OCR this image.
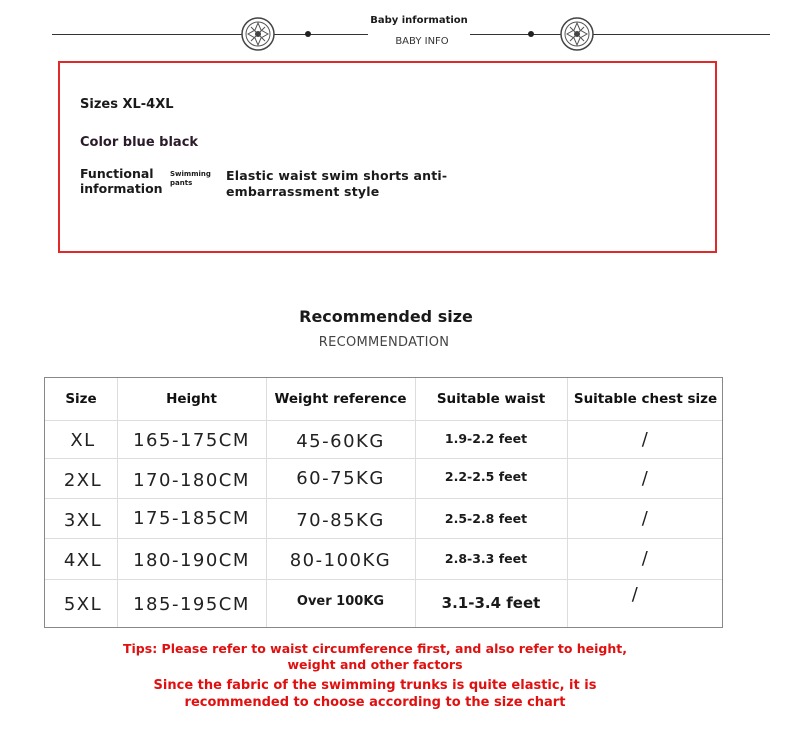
Baby information
BABY INFO
Sizes XL-4XL
Color blue black
Functional information
Swimming pants	Elastic waist swim shorts anti-embarrassment style
Recommended size
RECOMMENDATION
Size	Height	Weight reference	Suitable waist	Suitable chest size
XL	165-175CM	45-60KG	1.9-2.2 feet	/
2XL	170-180CM	60-75KG	2.2-2.5 feet	/
3XL	175-185CM	70-85KG	2.5-2.8 feet	/
4XL	180-190CM	80-100KG	2.8-3.3 feet	/
5XL	185-195CM	Over 100KG	3.1-3.4 feet	/
Tips: Please refer to waist circumference first, and also refer to height, weight and other factors
Since the fabric of the swimming trunks is quite elastic, it is recommended to choose according to the size chart
